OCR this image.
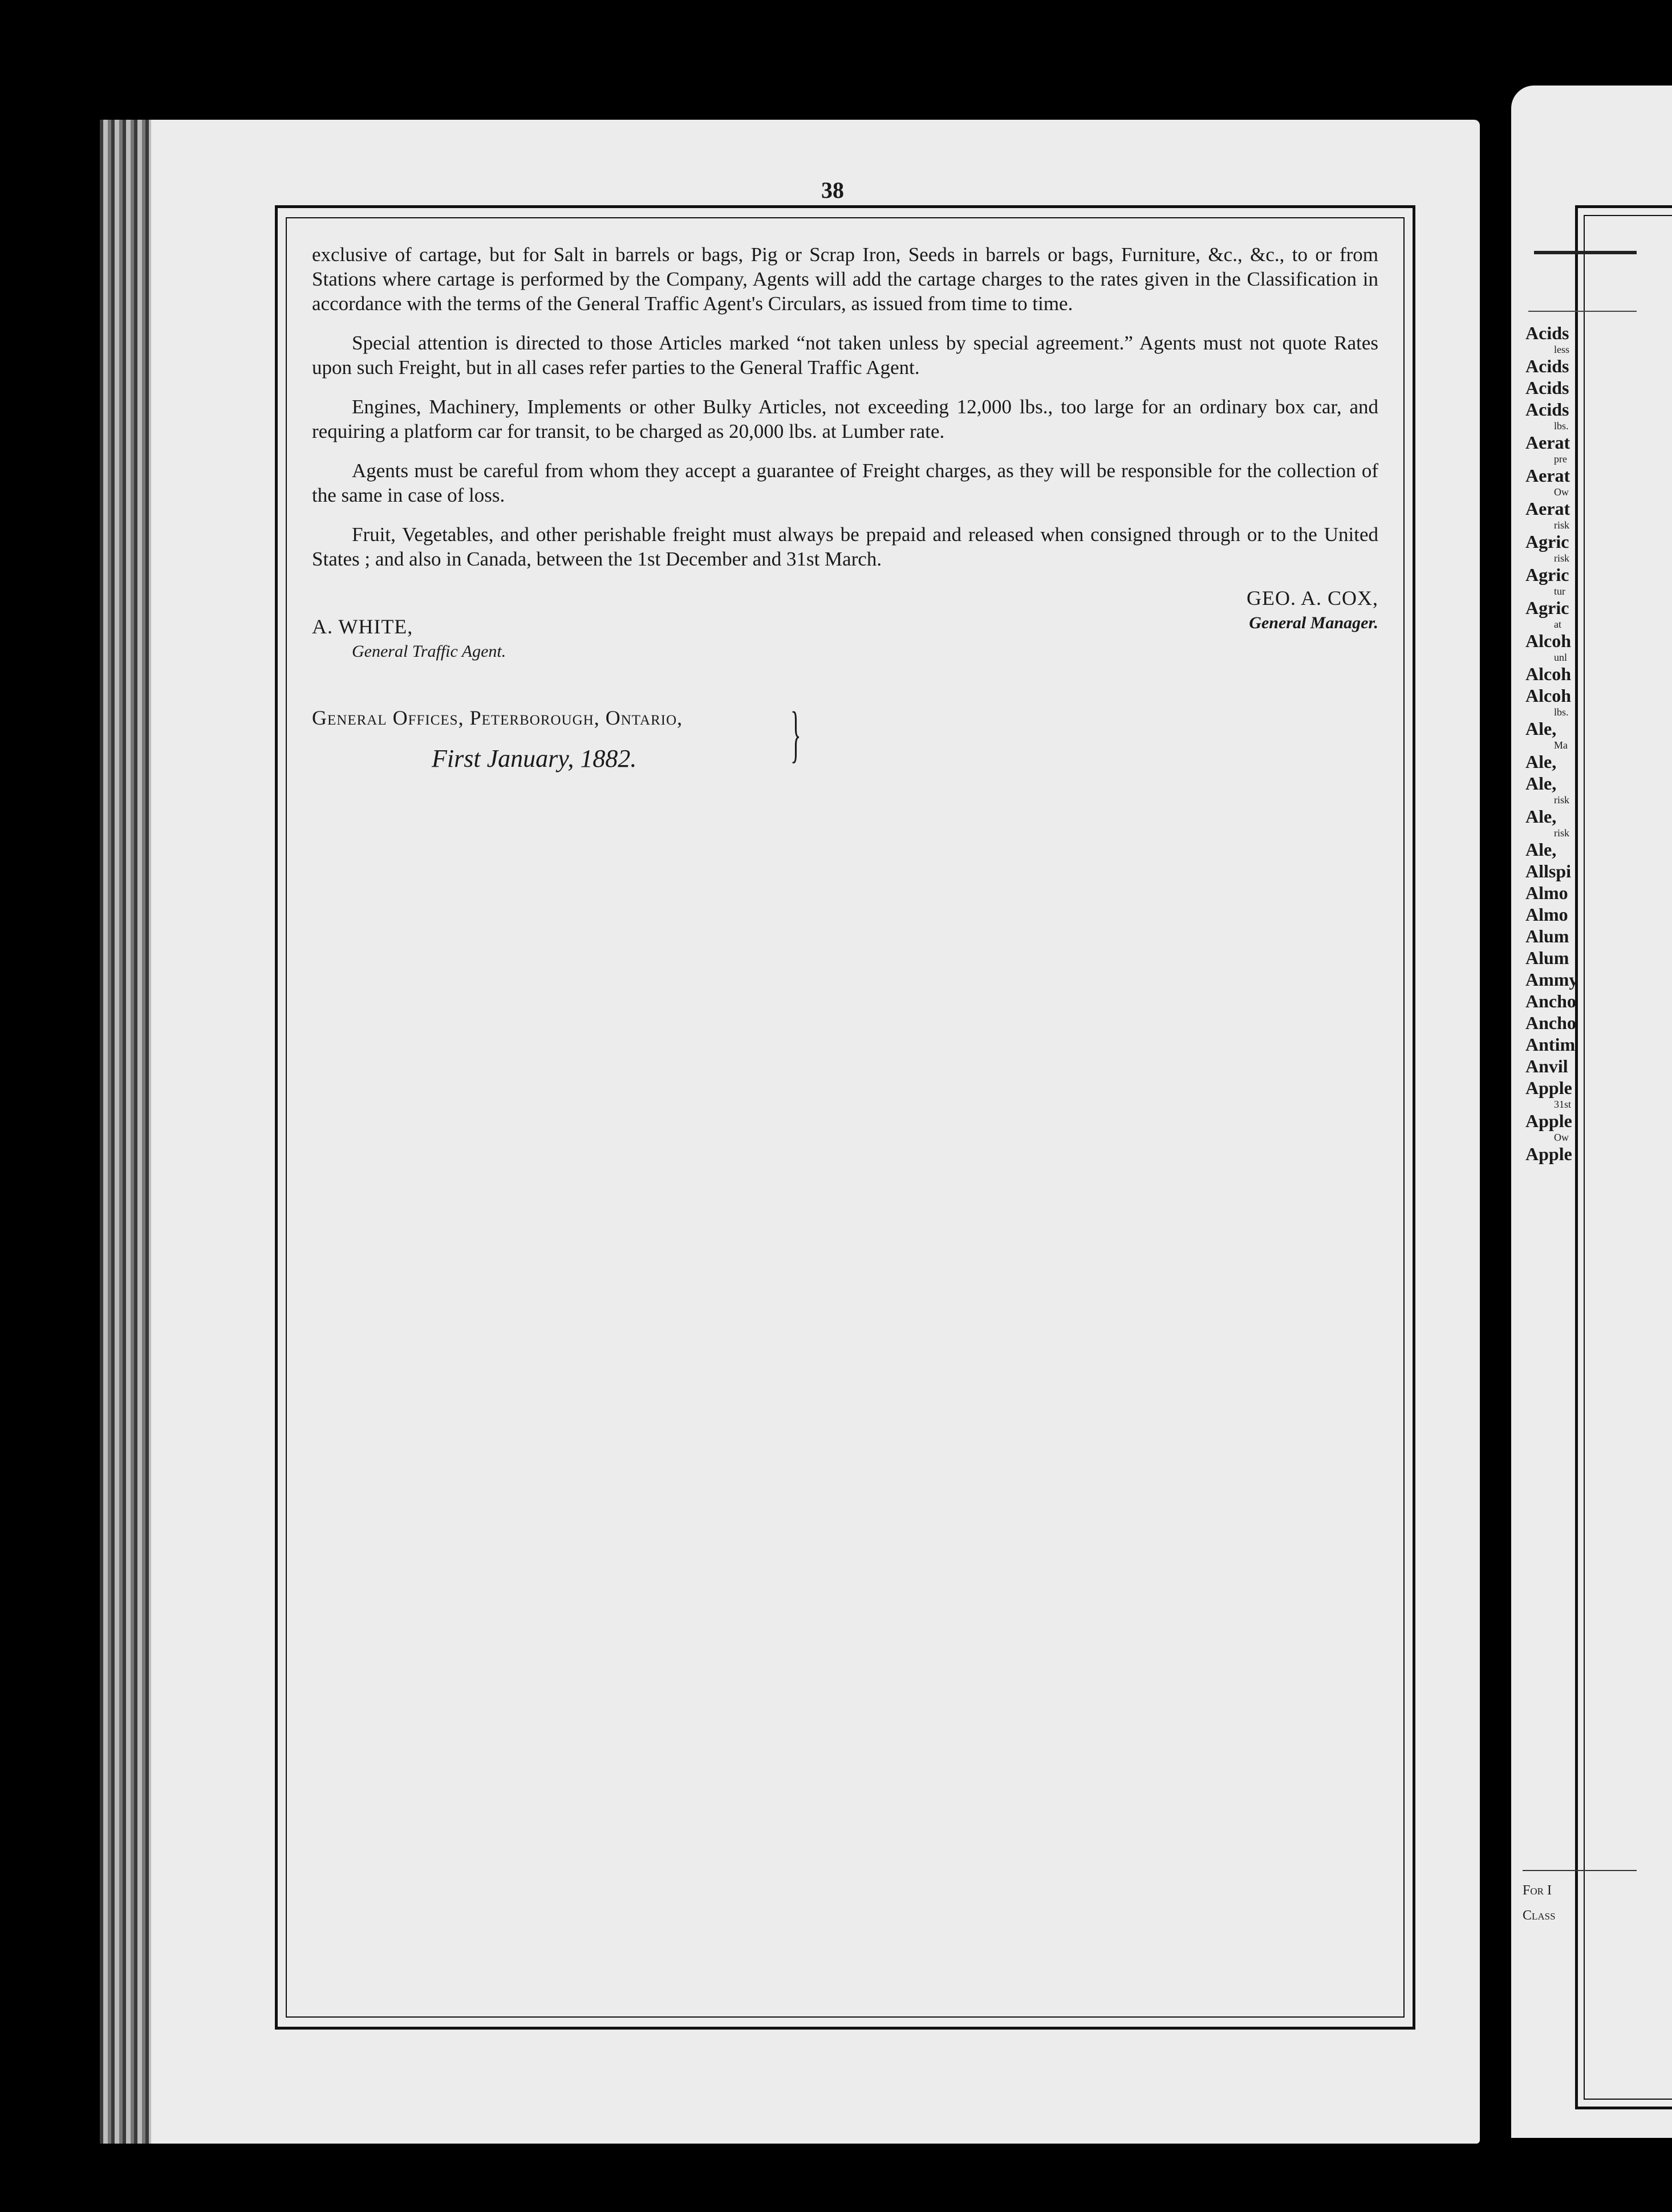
38

exclusive of cartage, but for Salt in barrels or bags, Pig or Scrap Iron, Seeds in barrels or bags, Furniture, &c., &c., to or from Stations where cartage is performed by the Company, Agents will add the cartage charges to the rates given in the Classification in accordance with the terms of the General Traffic Agent's Circulars, as issued from time to time.

Special attention is directed to those Articles marked “not taken unless by special agreement.” Agents must not quote Rates upon such Freight, but in all cases refer parties to the General Traffic Agent.

Engines, Machinery, Implements or other Bulky Articles, not exceeding 12,000 lbs., too large for an ordinary box car, and requiring a platform car for transit, to be charged as 20,000 lbs. at Lumber rate.

Agents must be careful from whom they accept a guarantee of Freight charges, as they will be responsible for the collection of the same in case of loss.

Fruit, Vegetables, and other perishable freight must always be prepaid and released when consigned through or to the United States ; and also in Canada, between the 1st December and 31st March.

A. WHITE,
General Traffic Agent.
GEO. A. COX,
General Manager.
General Offices, Peterborough, Ontario,	}
First January, 1882.
Acids
less
Acids
Acids
Acids
lbs.
Aerat
pre
Aerat
Ow
Aerat
risk
Agric
risk
Agric
tur
Agric
at
Alcoh
unl
Alcoh
Alcoh
lbs.
Ale,
Ma
Ale,
Ale,
risk
Ale,
risk
Ale,
Allspi
Almo
Almo
Alum
Alum
Ammy
Ancho
Ancho
Antim
Anvil
Apple
31st
Apple
Ow
Apple
For I
Class
